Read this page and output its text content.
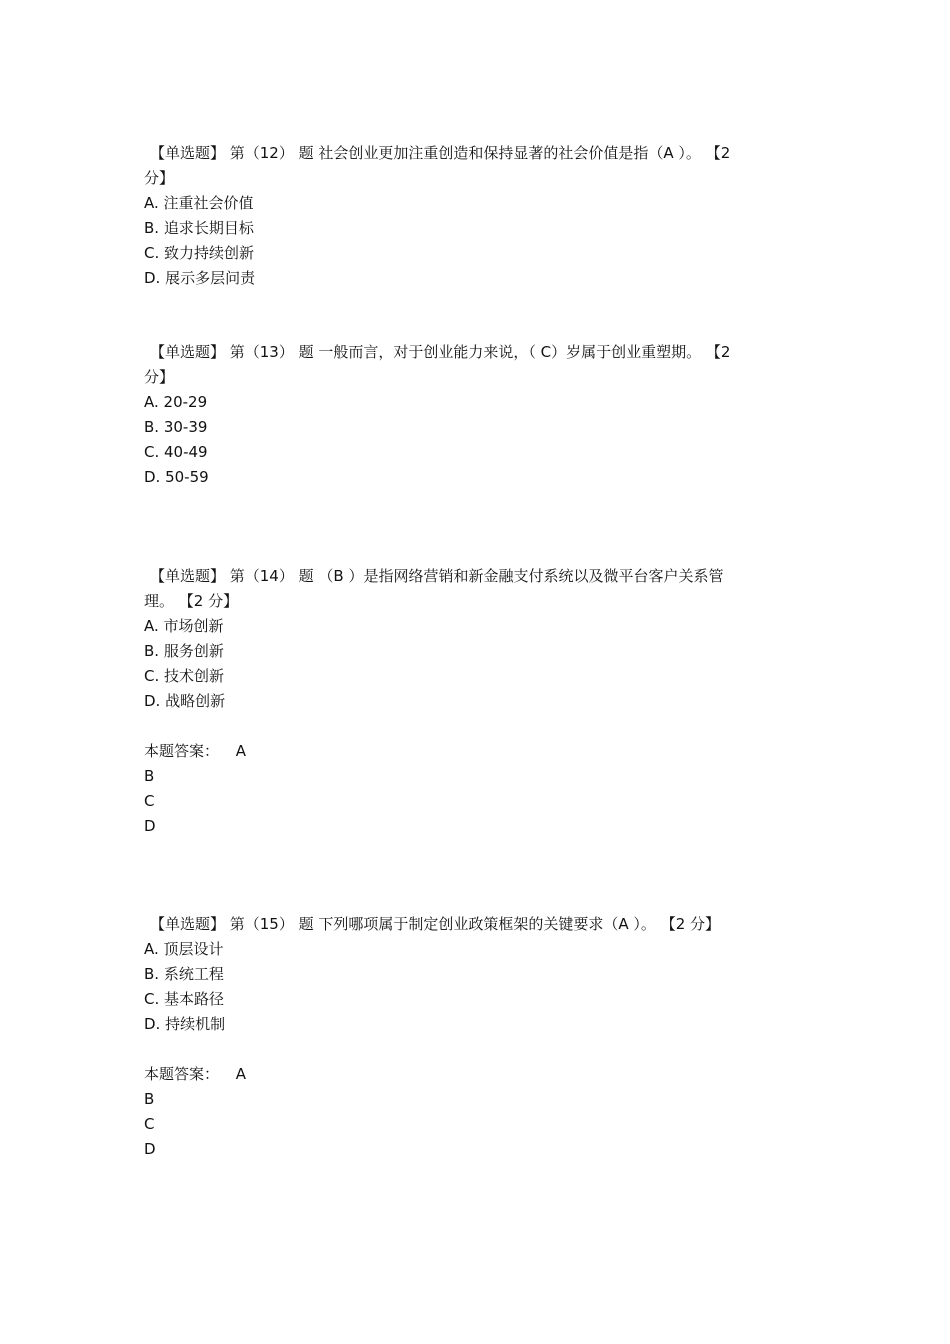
【单选题】 第（12） 题 社会创业更加注重创造和保持显著的社会价值是指（A ）。 【2
分】
A. 注重社会价值
B. 追求长期目标
C. 致力持续创新
D. 展示多层问责
【单选题】 第（13） 题 一般而言，对于创业能力来说，（ C）岁属于创业重塑期。 【2
分】
A. 20-29
B. 30-39
C. 40-49
D. 50-59
【单选题】 第（14） 题 （B ）是指网络营销和新金融支付系统以及微平台客户关系管
理。 【2 分】
A. 市场创新
B. 服务创新
C. 技术创新
D. 战略创新
本题答案： A
B
C
D
【单选题】 第（15） 题 下列哪项属于制定创业政策框架的关键要求（A ）。 【2 分】
A. 顶层设计
B. 系统工程
C. 基本路径
D. 持续机制
本题答案： A
B
C
D
